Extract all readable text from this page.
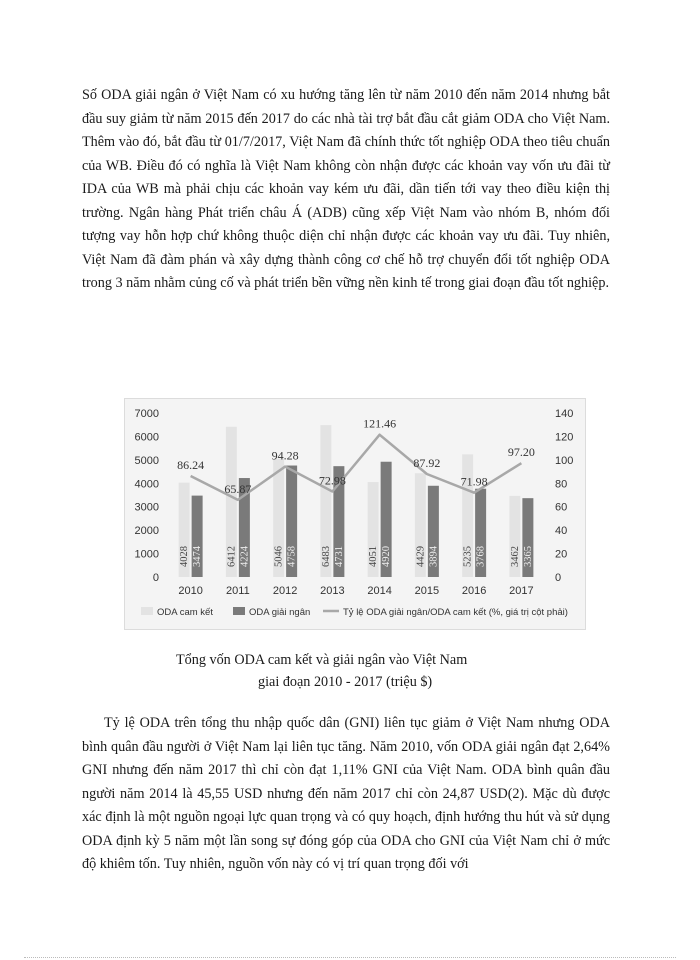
Số ODA giải ngân ở Việt Nam có xu hướng tăng lên từ năm 2010 đến năm 2014 nhưng bắt đầu suy giảm từ năm 2015 đến 2017 do các nhà tài trợ bắt đầu cắt giảm ODA cho Việt Nam. Thêm vào đó, bắt đầu từ 01/7/2017, Việt Nam đã chính thức tốt nghiệp ODA theo tiêu chuẩn của WB. Điều đó có nghĩa là Việt Nam không còn nhận được các khoản vay vốn ưu đãi từ IDA của WB mà phải chịu các khoản vay kém ưu đãi, dần tiến tới vay theo điều kiện thị trường. Ngân hàng Phát triển châu Á (ADB) cũng xếp Việt Nam vào nhóm B, nhóm đối tượng vay hỗn hợp chứ không thuộc diện chỉ nhận được các khoản vay ưu đãi. Tuy nhiên, Việt Nam đã đàm phán và xây dựng thành công cơ chế hỗ trợ chuyển đổi tốt nghiệp ODA trong 3 năm nhằm củng cố và phát triển bền vững nền kinh tế trong giai đoạn đầu tốt nghiệp.

0
1000
2000
3000
4000
5000
6000
7000
0
20
40
60
80
100
120
140
4028 3474
2010
6412 4224
2011
5046 4758
2012
6483 4731
2013
4051 4920
2014
4429 3894
2015
5235 3768
2016
3462 3365
2017
86.24
65.87
94.28
72.98
121.46
87.92
71.98
97.20
ODA cam kết	ODA giải ngân	Tỷ lệ ODA giải ngân/ODA cam kết (%, giá trị cột phải)

Tổng vốn ODA cam kết và giải ngân vào Việt Nam

giai đoạn 2010 - 2017 (triệu $)

Tỷ lệ ODA trên tổng thu nhập quốc dân (GNI) liên tục giảm ở Việt Nam nhưng ODA bình quân đầu người ở Việt Nam lại liên tục tăng. Năm 2010, vốn ODA giải ngân đạt 2,64% GNI nhưng đến năm 2017 thì chỉ còn đạt 1,11% GNI của Việt Nam. ODA bình quân đầu người năm 2014 là 45,55 USD nhưng đến năm 2017 chỉ còn 24,87 USD(2). Mặc dù được xác định là một nguồn ngoại lực quan trọng và có quy hoạch, định hướng thu hút và sử dụng ODA định kỳ 5 năm một lần song sự đóng góp của ODA cho GNI của Việt Nam chỉ ở mức độ khiêm tốn. Tuy nhiên, nguồn vốn này có vị trí quan trọng đối với
